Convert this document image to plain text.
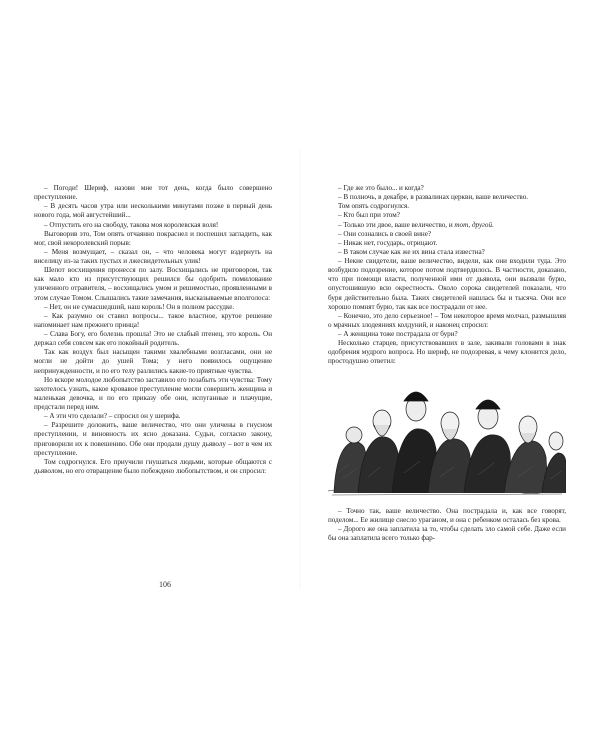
– Погоди! Шериф, назови мне тот день, когда было совершено преступление.

– В десять часов утра или несколькими минутами позже в первый день нового года, мой августейший...

– Отпустить его на свободу, такова моя королевская воля!

Выговорив это, Том опять отчаянно покраснел и поспешил загладить, как мог, свой некоролевский порыв:

– Меня возмущает, – сказал он, – что человека могут вздернуть на виселицу из-за таких пустых и лжесвидетельных улик!

Шепот восхищения пронесся по залу. Восхищались не приговором, так как мало кто из присутствующих решился бы одобрить помилование уличенного отравителя, – восхищались умом и решимостью, проявленными в этом случае Томом. Слышались такие замечания, высказываемые вполголоса:

– Нет, он не сумасшедший, наш король! Он в полном рассудке.

– Как разумно он ставил вопросы... такое властное, крутое решение напоминает нам прежнего принца!

– Слава Богу, его болезнь прошла! Это не слабый птенец, это король. Он держал себя совсем как его покойный родитель.

Так как воздух был насыщен такими хвалебными возгласами, они не могли не дойти до ушей Тома; у него появилось ощущение непринужденности, и по его телу разлились какие-то приятные чувства.

Но вскоре молодое любопытство заставило его позабыть эти чувства: Тому захотелось узнать, какое кровавое преступление могли совершить женщина и маленькая девочка, и по его приказу обе они, испуганные и плачущие, предстали перед ним.

– А эти что сделали? – спросил он у шерифа.

– Разрешите доложить, ваше величество, что они уличены в гнусном преступлении, и виновность их ясно доказана. Судьи, согласно закону, приговорили их к повешению. Обе они продали душу дьяволу – вот в чем их преступление.

Том содрогнулся. Его приучили гнушаться людьми, которые общаются с дьяволом, но его отвращение было побеждено любопытством, и он спросил:

106

– Где же это было... и когда?

– В полночь, в декабре, в развалинах церкви, ваше величество.

Том опять содрогнулся.

– Кто был при этом?

– Только эти двое, ваше величество, и тот, другой.

– Они сознались в своей вине?

– Никак нет, государь, отрицают.

– В таком случае как же их вина стала известна?

– Некие свидетели, ваше величество, видели, как они входили туда. Это возбудило подозрение, которое потом подтвердилось. В частности, доказано, что при помощи власти, полученной ими от дьявола, они вызвали бурю, опустошившую всю окрестность. Около сорока свидетелей показали, что буря действительно была. Таких свидетелей нашлась бы и тысяча. Они все хорошо помнят бурю, так как все пострадали от нее.

– Конечно, это дело серьезное! – Том некоторое время молчал, размышляя о мрачных злодеяниях колдуний, и наконец спросил:

– А женщина тоже пострадала от бури?

Несколько старцев, присутствовавших в зале, закивали головами в знак одобрения мудрого вопроса. Но шериф, не подозревая, к чему клонится дело, простодушно ответил:

– Точно так, ваше величество. Она пострадала и, как все говорят, поделом... Ее жилище снесло ураганом, и она с ребенком осталась без крова.

– Дорого же она заплатила за то, чтобы сделать зло самой себе. Даже если бы она заплатила всего только фар-
